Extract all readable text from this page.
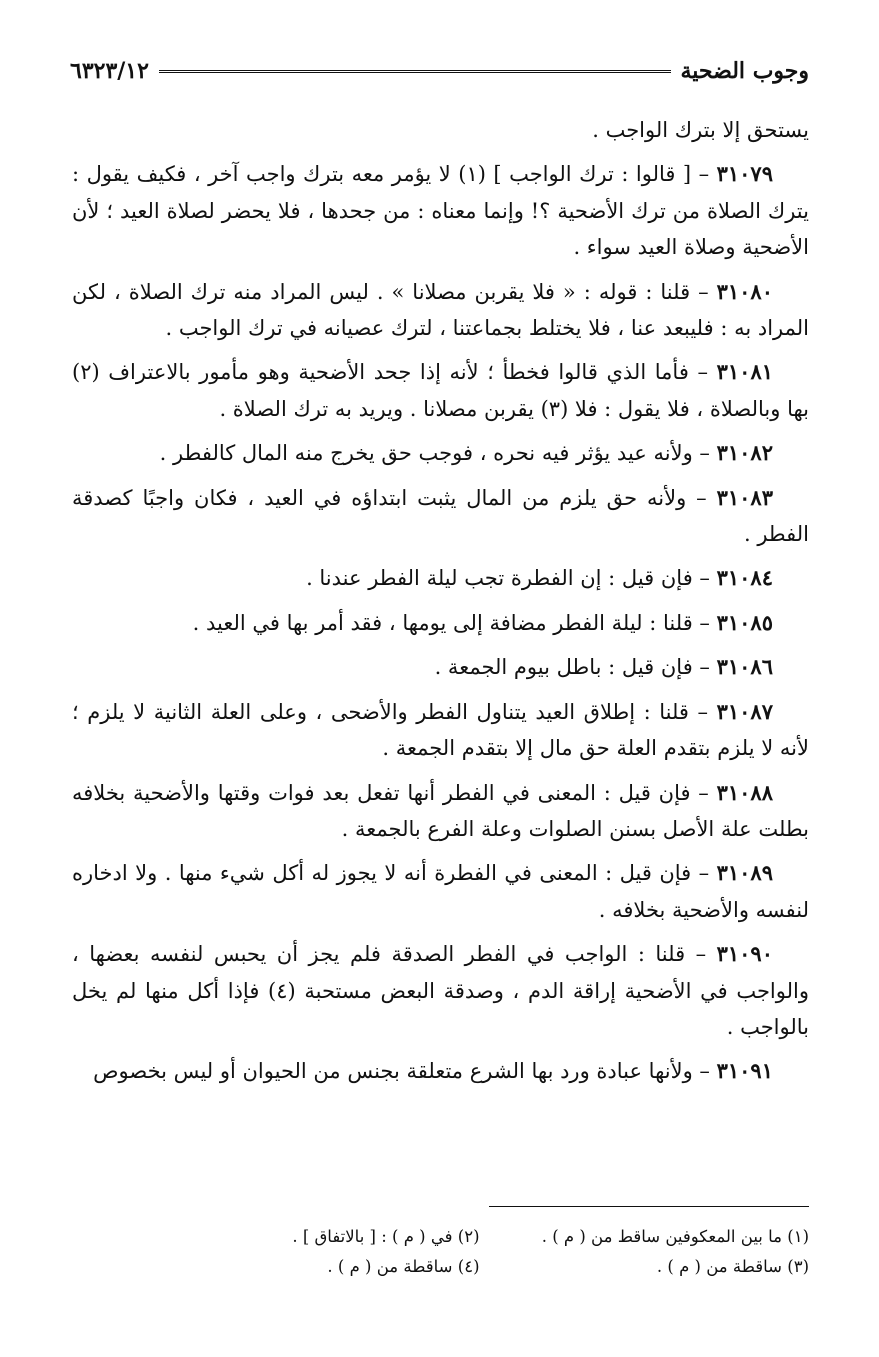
وجوب الضحية
٦٣٢٣/١٢

يستحق إلا بترك الواجب .

٣١٠٧٩ – [ قالوا : ترك الواجب ] (١) لا يؤمر معه بترك واجب آخر ، فكيف يقول : يترك الصلاة من ترك الأضحية ؟! وإنما معناه : من جحدها ، فلا يحضر لصلاة العيد ؛ لأن الأضحية وصلاة العيد سواء .

٣١٠٨٠ – قلنا : قوله : « فلا يقربن مصلانا » . ليس المراد منه ترك الصلاة ، لكن المراد به : فليبعد عنا ، فلا يختلط بجماعتنا ، لترك عصيانه في ترك الواجب .

٣١٠٨١ – فأما الذي قالوا فخطأ ؛ لأنه إذا جحد الأضحية وهو مأمور بالاعتراف (٢) بها وبالصلاة ، فلا يقول : فلا (٣) يقربن مصلانا . ويريد به ترك الصلاة .

٣١٠٨٢ – ولأنه عيد يؤثر فيه نحره ، فوجب حق يخرج منه المال كالفطر .

٣١٠٨٣ – ولأنه حق يلزم من المال يثبت ابتداؤه في العيد ، فكان واجبًا كصدقة الفطر .

٣١٠٨٤ – فإن قيل : إن الفطرة تجب ليلة الفطر عندنا .

٣١٠٨٥ – قلنا : ليلة الفطر مضافة إلى يومها ، فقد أمر بها في العيد .

٣١٠٨٦ – فإن قيل : باطل بيوم الجمعة .

٣١٠٨٧ – قلنا : إطلاق العيد يتناول الفطر والأضحى ، وعلى العلة الثانية لا يلزم ؛ لأنه لا يلزم بتقدم العلة حق مال إلا بتقدم الجمعة .

٣١٠٨٨ – فإن قيل : المعنى في الفطر أنها تفعل بعد فوات وقتها والأضحية بخلافه بطلت علة الأصل بسنن الصلوات وعلة الفرع بالجمعة .

٣١٠٨٩ – فإن قيل : المعنى في الفطرة أنه لا يجوز له أكل شيء منها . ولا ادخاره لنفسه والأضحية بخلافه .

٣١٠٩٠ – قلنا : الواجب في الفطر الصدقة فلم يجز أن يحبس لنفسه بعضها ، والواجب في الأضحية إراقة الدم ، وصدقة البعض مستحبة (٤) فإذا أكل منها لم يخل بالواجب .

٣١٠٩١ – ولأنها عبادة ورد بها الشرع متعلقة بجنس من الحيوان أو ليس بخصوص

(١) ما بين المعكوفين ساقط من ( م ) .
(٢) في ( م ) : [ بالاتفاق ] .
(٣) ساقطة من ( م ) .
(٤) ساقطة من ( م ) .
